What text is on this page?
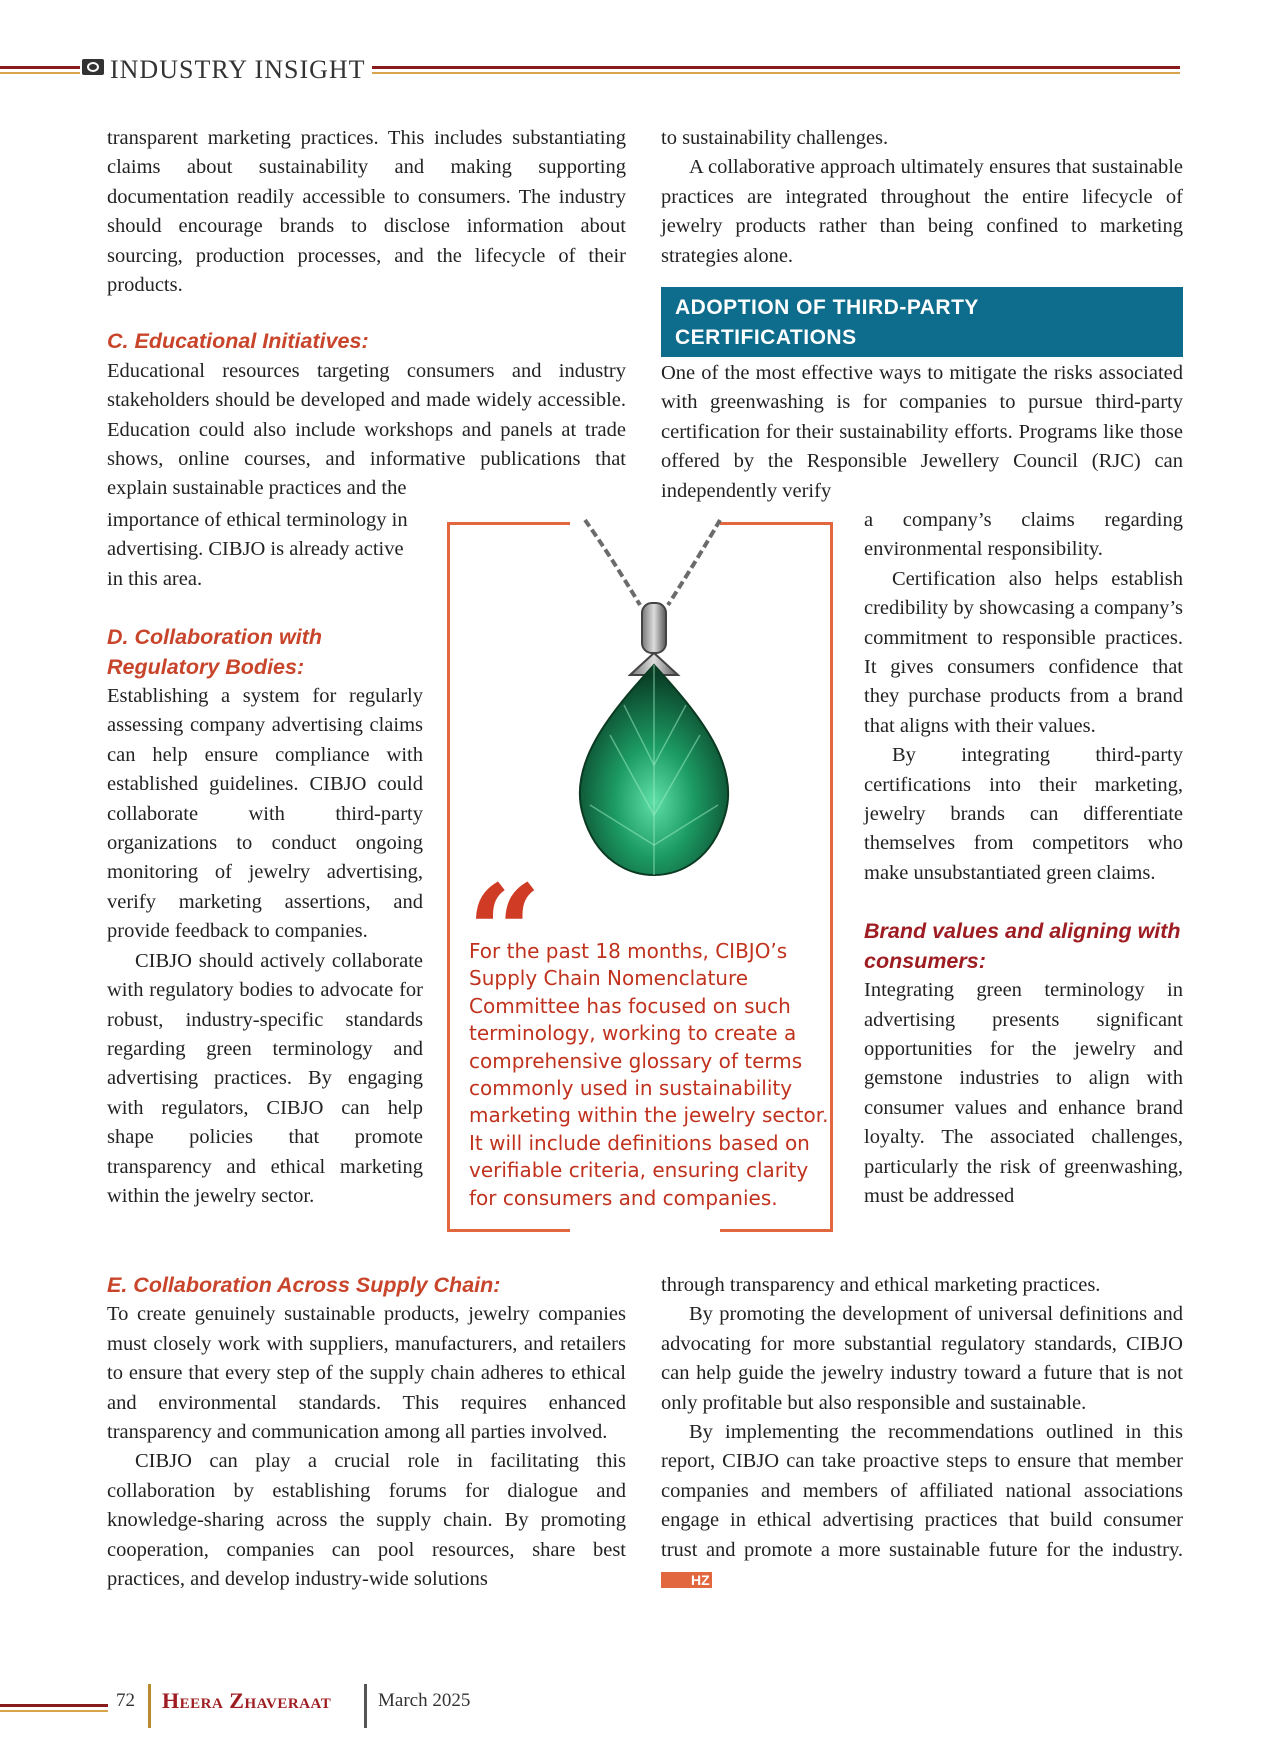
INDUSTRY INSIGHT

transparent marketing practices. This includes substantiating claims about sustainability and making supporting documentation readily accessible to consumers. The industry should encourage brands to disclose information about sourcing, production processes, and the lifecycle of their products.

C. Educational Initiatives:

Educational resources targeting consumers and industry stakeholders should be developed and made widely accessible. Education could also include workshops and panels at trade shows, online courses, and informative publications that explain sustainable practices and the

importance of ethical terminology in advertising. CIBJO is already active in this area.

D. Collaboration with Regulatory Bodies:

Establishing a system for regularly assessing company advertising claims can help ensure compliance with established guidelines. CIBJO could collaborate with third-party organizations to conduct ongoing monitoring of jewelry advertising, verify marketing assertions, and provide feedback to companies.

CIBJO should actively collaborate with regulatory bodies to advocate for robust, industry-specific standards regarding green terminology and advertising practices. By engaging with regulators, CIBJO can help shape policies that promote transparency and ethical marketing within the jewelry sector.

E. Collaboration Across Supply Chain:

To create genuinely sustainable products, jewelry companies must closely work with suppliers, manufacturers, and retailers to ensure that every step of the supply chain adheres to ethical and environmental standards. This requires enhanced transparency and communication among all parties involved.

CIBJO can play a crucial role in facilitating this collaboration by establishing forums for dialogue and knowledge-sharing across the supply chain. By promoting cooperation, companies can pool resources, share best practices, and develop industry-wide solutions

to sustainability challenges.

A collaborative approach ultimately ensures that sustainable practices are integrated throughout the entire lifecycle of jewelry products rather than being confined to marketing strategies alone.

ADOPTION OF THIRD-PARTY
CERTIFICATIONS

One of the most effective ways to mitigate the risks associated with greenwashing is for companies to pursue third-party certification for their sustainability efforts. Programs like those offered by the Responsible Jewellery Council (RJC) can independently verify

a company’s claims regarding environmental responsibility.

Certification also helps establish credibility by showcasing a company’s commitment to responsible practices. It gives consumers confidence that they purchase products from a brand that aligns with their values.

By integrating third-party certifications into their marketing, jewelry brands can differentiate themselves from competitors who make unsubstantiated green claims.

Brand values and aligning with consumers:

Integrating green terminology in advertising presents significant opportunities for the jewelry and gemstone industries to align with consumer values and enhance brand loyalty. The associated challenges, particularly the risk of greenwashing, must be addressed

through transparency and ethical marketing practices.

By promoting the development of universal definitions and advocating for more substantial regulatory standards, CIBJO can help guide the jewelry industry toward a future that is not only profitable but also responsible and sustainable.

By implementing the recommendations outlined in this report, CIBJO can take proactive steps to ensure that member companies and members of affiliated national associations engage in ethical advertising practices that build consumer trust and promote a more sustainable future for the industry. HZ

“
For the past 18 months, CIBJO’s Supply Chain Nomenclature Committee has focused on such terminology, working to create a comprehensive glossary of terms commonly used in sustainability marketing within the jewelry sector. It will include definitions based on verifiable criteria, ensuring clarity for consumers and companies.
72 Heera Zhaveraat March 2025
